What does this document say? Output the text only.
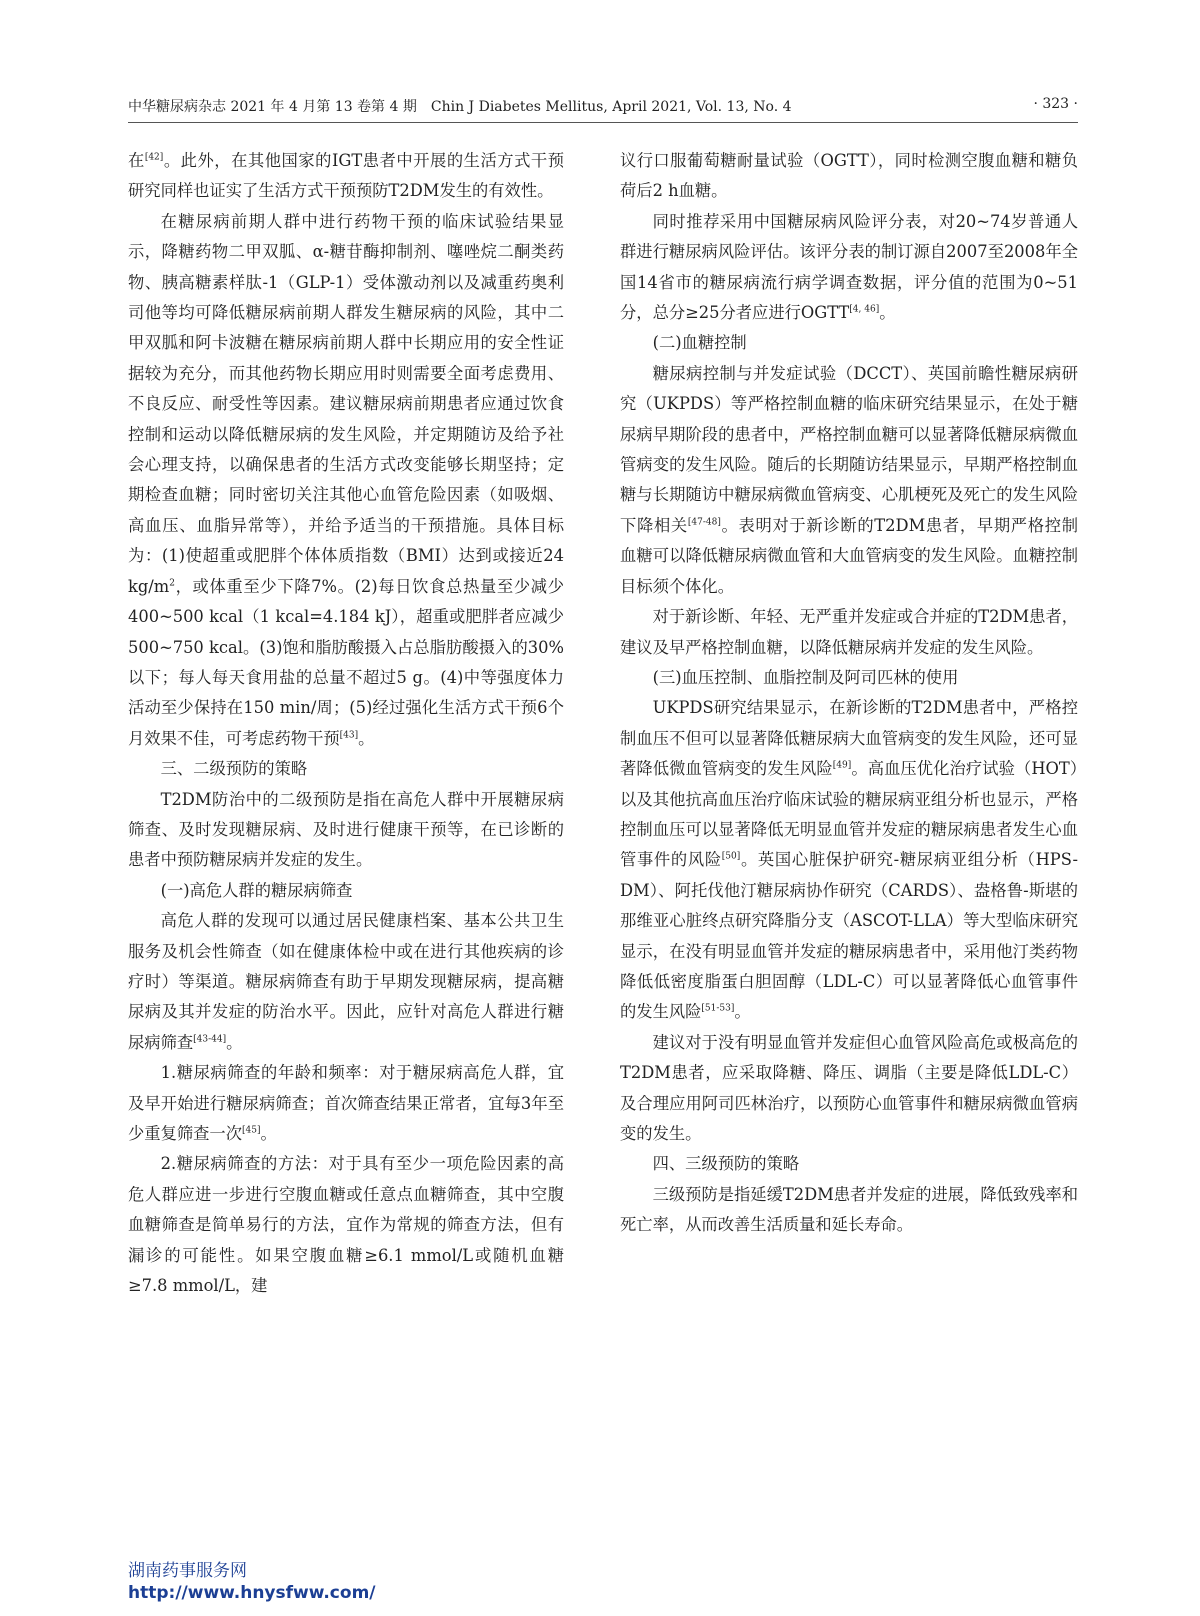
中华糖尿病杂志 2021 年 4 月第 13 卷第 4 期　Chin J Diabetes Mellitus, April 2021, Vol. 13, No. 4	· 323 ·

在[42]。此外，在其他国家的IGT患者中开展的生活方式干预研究同样也证实了生活方式干预预防T2DM发生的有效性。

在糖尿病前期人群中进行药物干预的临床试验结果显示，降糖药物二甲双胍、α-糖苷酶抑制剂、噻唑烷二酮类药物、胰高糖素样肽-1（GLP-1）受体激动剂以及减重药奥利司他等均可降低糖尿病前期人群发生糖尿病的风险，其中二甲双胍和阿卡波糖在糖尿病前期人群中长期应用的安全性证据较为充分，而其他药物长期应用时则需要全面考虑费用、不良反应、耐受性等因素。建议糖尿病前期患者应通过饮食控制和运动以降低糖尿病的发生风险，并定期随访及给予社会心理支持，以确保患者的生活方式改变能够长期坚持；定期检查血糖；同时密切关注其他心血管危险因素（如吸烟、高血压、血脂异常等），并给予适当的干预措施。具体目标为：(1)使超重或肥胖个体体质指数（BMI）达到或接近24 $kg/m^2$，或体重至少下降7%。(2)每日饮食总热量至少减少400~500 kcal（1 kcal=4.184 kJ），超重或肥胖者应减少500~750 kcal。(3)饱和脂肪酸摄入占总脂肪酸摄入的30%以下；每人每天食用盐的总量不超过5 g。(4)中等强度体力活动至少保持在150 min/周；(5)经过强化生活方式干预6个月效果不佳，可考虑药物干预[43]。

三、二级预防的策略

T2DM防治中的二级预防是指在高危人群中开展糖尿病筛查、及时发现糖尿病、及时进行健康干预等，在已诊断的患者中预防糖尿病并发症的发生。

(一)高危人群的糖尿病筛查

高危人群的发现可以通过居民健康档案、基本公共卫生服务及机会性筛查（如在健康体检中或在进行其他疾病的诊疗时）等渠道。糖尿病筛查有助于早期发现糖尿病，提高糖尿病及其并发症的防治水平。因此，应针对高危人群进行糖尿病筛查[43-44]。

1.糖尿病筛查的年龄和频率：对于糖尿病高危人群，宜及早开始进行糖尿病筛查；首次筛查结果正常者，宜每3年至少重复筛查一次[45]。

2.糖尿病筛查的方法：对于具有至少一项危险因素的高危人群应进一步进行空腹血糖或任意点血糖筛查，其中空腹血糖筛查是简单易行的方法，宜作为常规的筛查方法，但有漏诊的可能性。如果空腹血糖≥6.1 mmol/L或随机血糖≥7.8 mmol/L，建

议行口服葡萄糖耐量试验（OGTT），同时检测空腹血糖和糖负荷后2 h血糖。

同时推荐采用中国糖尿病风险评分表，对20~74岁普通人群进行糖尿病风险评估。该评分表的制订源自2007至2008年全国14省市的糖尿病流行病学调查数据，评分值的范围为0~51分，总分≥25分者应进行OGTT[4, 46]。

(二)血糖控制

糖尿病控制与并发症试验（DCCT）、英国前瞻性糖尿病研究（UKPDS）等严格控制血糖的临床研究结果显示，在处于糖尿病早期阶段的患者中，严格控制血糖可以显著降低糖尿病微血管病变的发生风险。随后的长期随访结果显示，早期严格控制血糖与长期随访中糖尿病微血管病变、心肌梗死及死亡的发生风险下降相关[47-48]。表明对于新诊断的T2DM患者，早期严格控制血糖可以降低糖尿病微血管和大血管病变的发生风险。血糖控制目标须个体化。

对于新诊断、年轻、无严重并发症或合并症的T2DM患者，建议及早严格控制血糖，以降低糖尿病并发症的发生风险。

(三)血压控制、血脂控制及阿司匹林的使用

UKPDS研究结果显示，在新诊断的T2DM患者中，严格控制血压不但可以显著降低糖尿病大血管病变的发生风险，还可显著降低微血管病变的发生风险[49]。高血压优化治疗试验（HOT）以及其他抗高血压治疗临床试验的糖尿病亚组分析也显示，严格控制血压可以显著降低无明显血管并发症的糖尿病患者发生心血管事件的风险[50]。英国心脏保护研究-糖尿病亚组分析（HPS-DM）、阿托伐他汀糖尿病协作研究（CARDS）、盎格鲁-斯堪的那维亚心脏终点研究降脂分支（ASCOT-LLA）等大型临床研究显示，在没有明显血管并发症的糖尿病患者中，采用他汀类药物降低低密度脂蛋白胆固醇（LDL-C）可以显著降低心血管事件的发生风险[51-53]。

建议对于没有明显血管并发症但心血管风险高危或极高危的T2DM患者，应采取降糖、降压、调脂（主要是降低LDL-C）及合理应用阿司匹林治疗，以预防心血管事件和糖尿病微血管病变的发生。

四、三级预防的策略

三级预防是指延缓T2DM患者并发症的进展，降低致残率和死亡率，从而改善生活质量和延长寿命。

湖南药事服务网
http://www.hnysfww.com/
